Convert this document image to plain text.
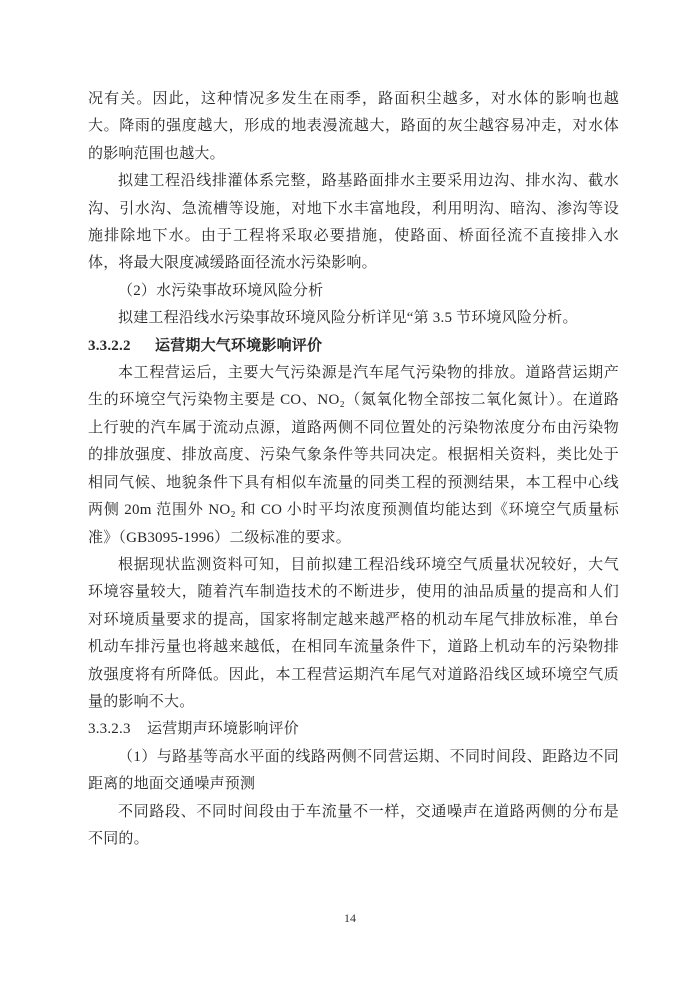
况有关。因此，这种情况多发生在雨季，路面积尘越多，对水体的影响也越大。降雨的强度越大，形成的地表漫流越大，路面的灰尘越容易冲走，对水体的影响范围也越大。

拟建工程沿线排灌体系完整，路基路面排水主要采用边沟、排水沟、截水沟、引水沟、急流槽等设施，对地下水丰富地段，利用明沟、暗沟、渗沟等设施排除地下水。由于工程将采取必要措施，使路面、桥面径流不直接排入水体，将最大限度减缓路面径流水污染影响。

（2）水污染事故环境风险分析

拟建工程沿线水污染事故环境风险分析详见“第 3.5 节环境风险分析。

3.3.2.2 运营期大气环境影响评价

本工程营运后，主要大气污染源是汽车尾气污染物的排放。道路营运期产生的环境空气污染物主要是 CO、NO₂（氮氧化物全部按二氧化氮计）。在道路上行驶的汽车属于流动点源，道路两侧不同位置处的污染物浓度分布由污染物的排放强度、排放高度、污染气象条件等共同决定。根据相关资料，类比处于相同气候、地貌条件下具有相似车流量的同类工程的预测结果，本工程中心线两侧 20m 范围外 NO₂ 和 CO 小时平均浓度预测值均能达到《环境空气质量标准》（GB3095-1996）二级标准的要求。

根据现状监测资料可知，目前拟建工程沿线环境空气质量状况较好，大气环境容量较大，随着汽车制造技术的不断进步，使用的油品质量的提高和人们对环境质量要求的提高，国家将制定越来越严格的机动车尾气排放标准，单台机动车排污量也将越来越低，在相同车流量条件下，道路上机动车的污染物排放强度将有所降低。因此，本工程营运期汽车尾气对道路沿线区域环境空气质量的影响不大。

3.3.2.3 运营期声环境影响评价

（1）与路基等高水平面的线路两侧不同营运期、不同时间段、距路边不同距离的地面交通噪声预测

不同路段、不同时间段由于车流量不一样，交通噪声在道路两侧的分布是不同的。

14
